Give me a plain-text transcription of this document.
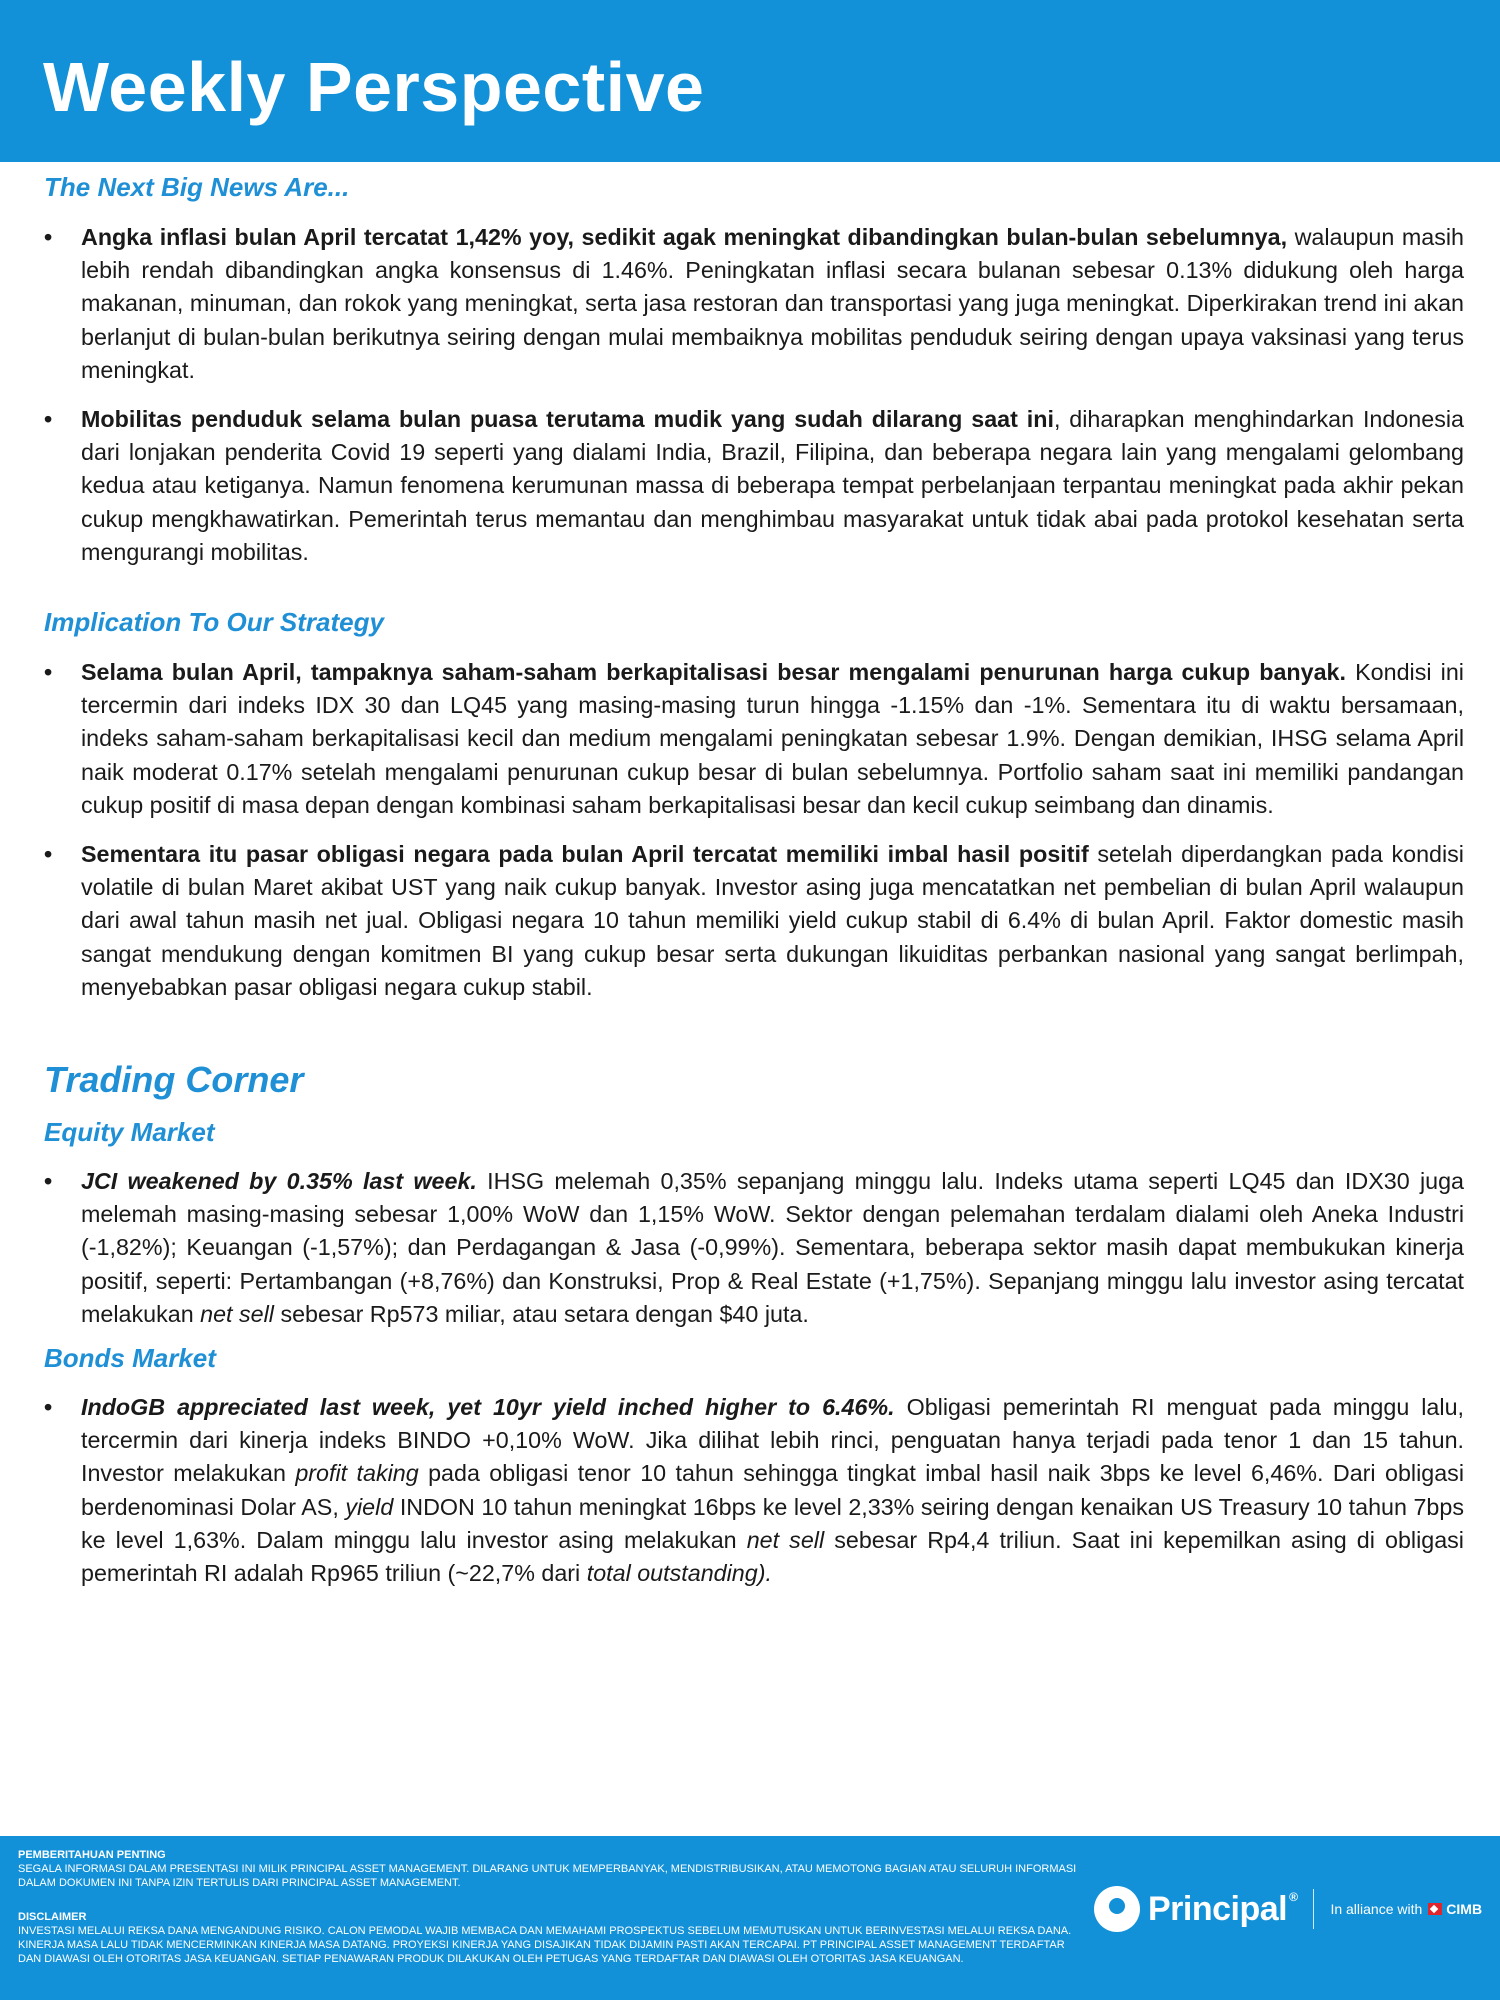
Weekly Perspective
The Next Big News Are...
• Angka inflasi bulan April tercatat 1,42% yoy, sedikit agak meningkat dibandingkan bulan-bulan sebelumnya, walaupun masih lebih rendah dibandingkan angka konsensus di 1.46%. Peningkatan inflasi secara bulanan sebesar 0.13% didukung oleh harga makanan, minuman, dan rokok yang meningkat, serta jasa restoran dan transportasi yang juga meningkat. Diperkirakan trend ini akan berlanjut di bulan-bulan berikutnya seiring dengan mulai membaiknya mobilitas penduduk seiring dengan upaya vaksinasi yang terus meningkat.
• Mobilitas penduduk selama bulan puasa terutama mudik yang sudah dilarang saat ini, diharapkan menghindarkan Indonesia dari lonjakan penderita Covid 19 seperti yang dialami India, Brazil, Filipina, dan beberapa negara lain yang mengalami gelombang kedua atau ketiganya. Namun fenomena kerumunan massa di beberapa tempat perbelanjaan terpantau meningkat pada akhir pekan cukup mengkhawatirkan. Pemerintah terus memantau dan menghimbau masyarakat untuk tidak abai pada protokol kesehatan serta mengurangi mobilitas.
Implication To Our Strategy
• Selama bulan April, tampaknya saham-saham berkapitalisasi besar mengalami penurunan harga cukup banyak. Kondisi ini tercermin dari indeks IDX 30 dan LQ45 yang masing-masing turun hingga -1.15% dan -1%. Sementara itu di waktu bersamaan, indeks saham-saham berkapitalisasi kecil dan medium mengalami peningkatan sebesar 1.9%. Dengan demikian, IHSG selama April naik moderat 0.17% setelah mengalami penurunan cukup besar di bulan sebelumnya. Portfolio saham saat ini memiliki pandangan cukup positif di masa depan dengan kombinasi saham berkapitalisasi besar dan kecil cukup seimbang dan dinamis.
• Sementara itu pasar obligasi negara pada bulan April tercatat memiliki imbal hasil positif setelah diperdangkan pada kondisi volatile di bulan Maret akibat UST yang naik cukup banyak. Investor asing juga mencatatkan net pembelian di bulan April walaupun dari awal tahun masih net jual. Obligasi negara 10 tahun memiliki yield cukup stabil di 6.4% di bulan April. Faktor domestic masih sangat mendukung dengan komitmen BI yang cukup besar serta dukungan likuiditas perbankan nasional yang sangat berlimpah, menyebabkan pasar obligasi negara cukup stabil.
Trading Corner
Equity Market
• JCI weakened by 0.35% last week. IHSG melemah 0,35% sepanjang minggu lalu. Indeks utama seperti LQ45 dan IDX30 juga melemah masing-masing sebesar 1,00% WoW dan 1,15% WoW. Sektor dengan pelemahan terdalam dialami oleh Aneka Industri (-1,82%); Keuangan (-1,57%); dan Perdagangan & Jasa (-0,99%). Sementara, beberapa sektor masih dapat membukukan kinerja positif, seperti: Pertambangan (+8,76%) dan Konstruksi, Prop & Real Estate (+1,75%). Sepanjang minggu lalu investor asing tercatat melakukan net sell sebesar Rp573 miliar, atau setara dengan $40 juta.
Bonds Market
• IndoGB appreciated last week, yet 10yr yield inched higher to 6.46%. Obligasi pemerintah RI menguat pada minggu lalu, tercermin dari kinerja indeks BINDO +0,10% WoW. Jika dilihat lebih rinci, penguatan hanya terjadi pada tenor 1 dan 15 tahun. Investor melakukan profit taking pada obligasi tenor 10 tahun sehingga tingkat imbal hasil naik 3bps ke level 6,46%. Dari obligasi berdenominasi Dolar AS, yield INDON 10 tahun meningkat 16bps ke level 2,33% seiring dengan kenaikan US Treasury 10 tahun 7bps ke level 1,63%. Dalam minggu lalu investor asing melakukan net sell sebesar Rp4,4 triliun. Saat ini kepemilkan asing di obligasi pemerintah RI adalah Rp965 triliun (~22,7% dari total outstanding).
PEMBERITAHUAN PENTING
SEGALA INFORMASI DALAM PRESENTASI INI MILIK PRINCIPAL ASSET MANAGEMENT. DILARANG UNTUK MEMPERBANYAK, MENDISTRIBUSIKAN, ATAU MEMOTONG BAGIAN ATAU SELURUH INFORMASI DALAM DOKUMEN INI TANPA IZIN TERTULIS DARI PRINCIPAL ASSET MANAGEMENT.
DISCLAIMER
INVESTASI MELALUI REKSA DANA MENGANDUNG RISIKO. CALON PEMODAL WAJIB MEMBACA DAN MEMAHAMI PROSPEKTUS SEBELUM MEMUTUSKAN UNTUK BERINVESTASI MELALUI REKSA DANA. KINERJA MASA LALU TIDAK MENCERMINKAN KINERJA MASA DATANG. PROYEKSI KINERJA YANG DISAJIKAN TIDAK DIJAMIN PASTI AKAN TERCAPAI. PT PRINCIPAL ASSET MANAGEMENT TERDAFTAR DAN DIAWASI OLEH OTORITAS JASA KEUANGAN. SETIAP PENAWARAN PRODUK DILAKUKAN OLEH PETUGAS YANG TERDAFTAR DAN DIAWASI OLEH OTORITAS JASA KEUANGAN.
Principal ®
In alliance with CIMB
